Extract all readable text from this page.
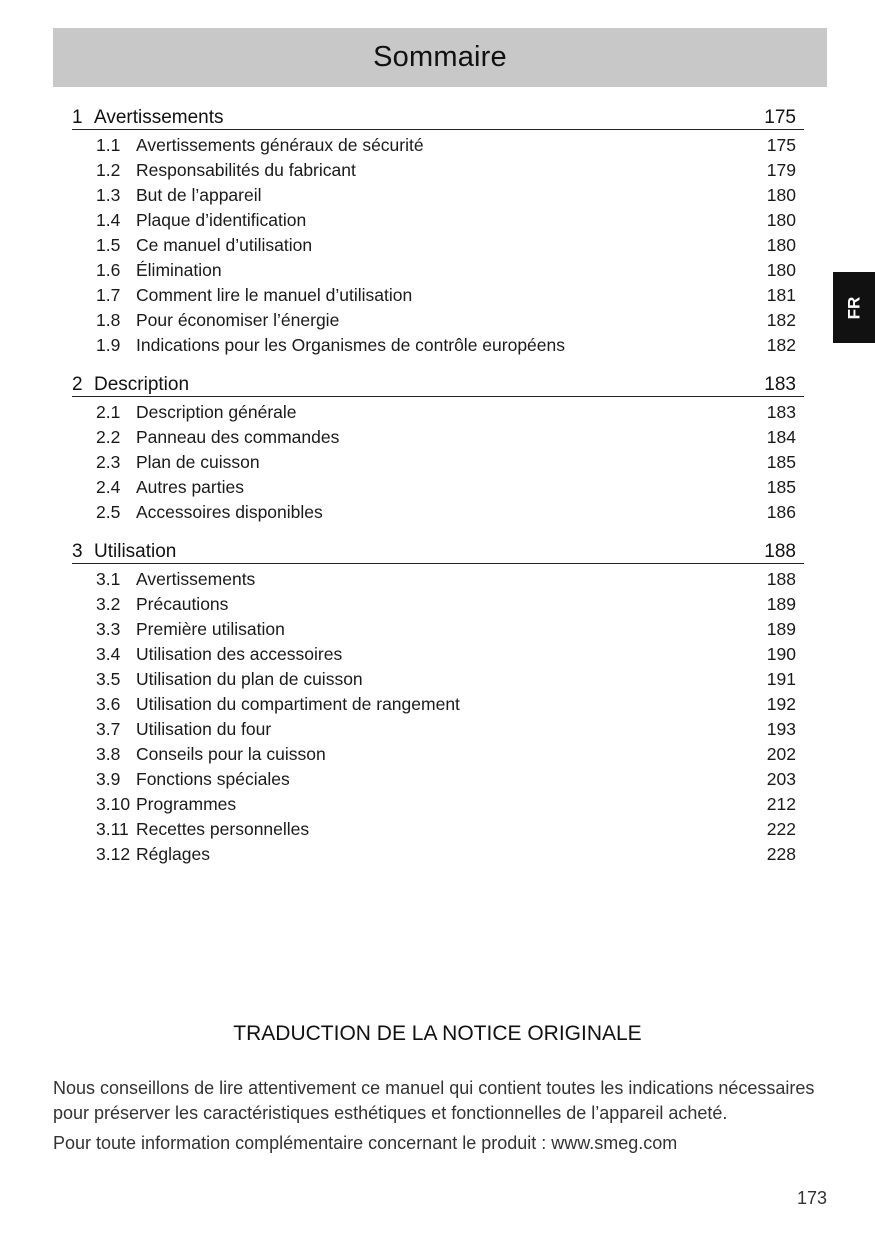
Sommaire
1 Avertissements	175
1.1 Avertissements généraux de sécurité	175
1.2 Responsabilités du fabricant	179
1.3 But de l’appareil	180
1.4 Plaque d’identification	180
1.5 Ce manuel d’utilisation	180
1.6 Élimination	180
1.7 Comment lire le manuel d’utilisation	181
1.8 Pour économiser l’énergie	182
1.9 Indications pour les Organismes de contrôle européens	182
2 Description	183
2.1 Description générale	183
2.2 Panneau des commandes	184
2.3 Plan de cuisson	185
2.4 Autres parties	185
2.5 Accessoires disponibles	186
3 Utilisation	188
3.1 Avertissements	188
3.2 Précautions	189
3.3 Première utilisation	189
3.4 Utilisation des accessoires	190
3.5 Utilisation du plan de cuisson	191
3.6 Utilisation du compartiment de rangement	192
3.7 Utilisation du four	193
3.8 Conseils pour la cuisson	202
3.9 Fonctions spéciales	203
3.10 Programmes	212
3.11 Recettes personnelles	222
3.12 Réglages	228
FR
TRADUCTION DE LA NOTICE ORIGINALE

Nous conseillons de lire attentivement ce manuel qui contient toutes les indications nécessaires pour préserver les caractéristiques esthétiques et fonctionnelles de l’appareil acheté.

Pour toute information complémentaire concernant le produit : www.smeg.com

173
